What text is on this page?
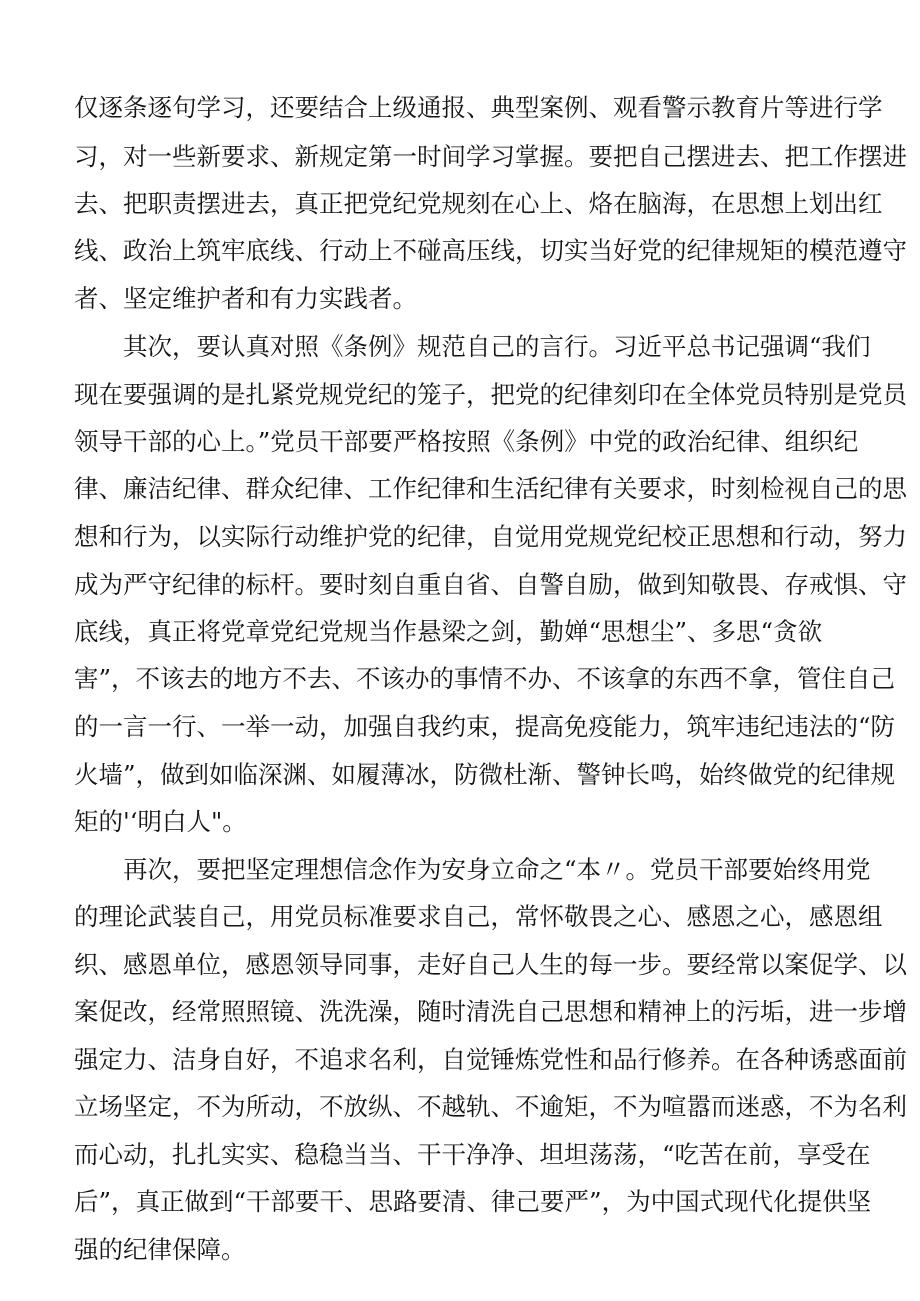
仅逐条逐句学习，还要结合上级通报、典型案例、观看警示教育片等进行学
习，对一些新要求、新规定第一时间学习掌握。要把自己摆进去、把工作摆进
去、把职责摆进去，真正把党纪党规刻在心上、烙在脑海，在思想上划出红
线、政治上筑牢底线、行动上不碰高压线，切实当好党的纪律规矩的模范遵守
者、坚定维护者和有力实践者。
其次，要认真对照《条例》规范自己的言行。习近平总书记强调“我们
现在要强调的是扎紧党规党纪的笼子，把党的纪律刻印在全体党员特别是党员
领导干部的心上。”党员干部要严格按照《条例》中党的政治纪律、组织纪
律、廉洁纪律、群众纪律、工作纪律和生活纪律有关要求，时刻检视自己的思
想和行为，以实际行动维护党的纪律，自觉用党规党纪校正思想和行动，努力
成为严守纪律的标杆。要时刻自重自省、自警自励，做到知敬畏、存戒惧、守
底线，真正将党章党纪党规当作悬梁之剑，勤婵“思想尘”、多思“贪欲
害”，不该去的地方不去、不该办的事情不办、不该拿的东西不拿，管住自己
的一言一行、一举一动，加强自我约束，提高免疫能力，筑牢违纪违法的“防
火墙”，做到如临深渊、如履薄冰，防微杜渐、警钟长鸣，始终做党的纪律规
矩的'‘明白人"。
再次，要把坚定理想信念作为安身立命之“本〃。党员干部要始终用党
的理论武装自己，用党员标准要求自己，常怀敬畏之心、感恩之心，感恩组
织、感恩单位，感恩领导同事，走好自己人生的每一步。要经常以案促学、以
案促改，经常照照镜、洗洗澡，随时清洗自己思想和精神上的污垢，进一步增
强定力、洁身自好，不追求名利，自觉锤炼党性和品行修养。在各种诱惑面前
立场坚定，不为所动，不放纵、不越轨、不逾矩，不为喧嚣而迷惑，不为名利
而心动，扎扎实实、稳稳当当、干干净净、坦坦荡荡，“吃苦在前，享受在
后”，真正做到“干部要干、思路要清、律己要严”，为中国式现代化提供坚
强的纪律保障。
